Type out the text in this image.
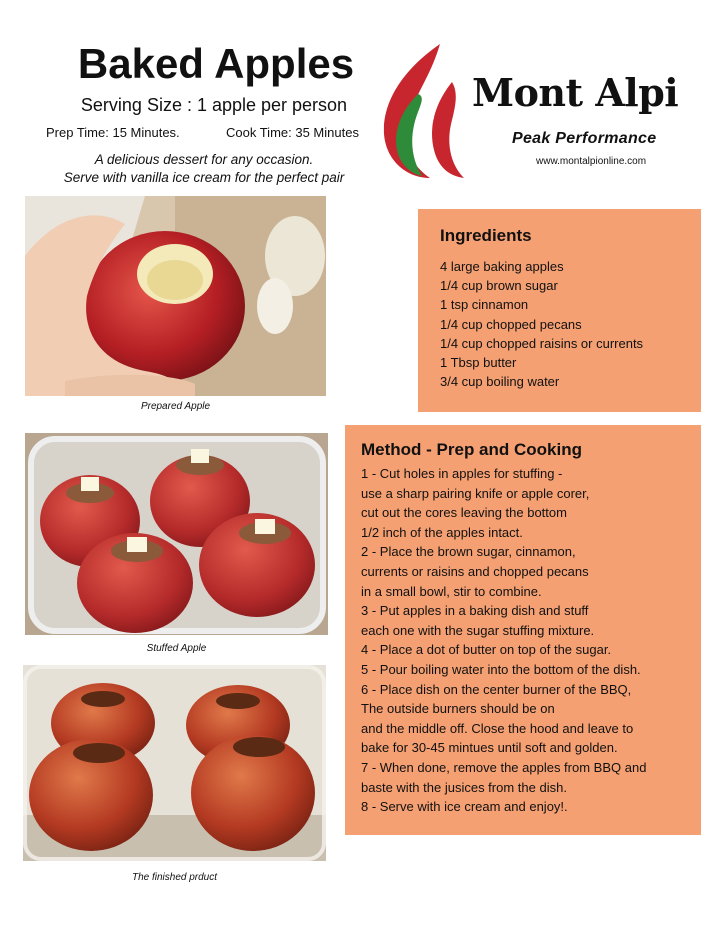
Baked Apples
Serving Size : 1 apple per person
Prep Time: 15 Minutes.	Cook Time: 35 Minutes
A delicious dessert for any occasion.
Serve with vanilla ice cream for the perfect pair
Mont Alpi
Peak Performance
www.montalpionline.com
Prepared Apple
Stuffed Apple
The finished prduct
Ingredients
4 large baking apples
1/4 cup brown sugar
1 tsp cinnamon
1/4 cup chopped pecans
1/4 cup chopped raisins or currents
1 Tbsp butter
3/4 cup boiling water
Method - Prep and Cooking
1 - Cut holes in apples for stuffing -
use a sharp pairing knife or apple corer,
cut out the cores leaving the bottom
1/2 inch of the apples intact.
2 - Place the brown sugar, cinnamon,
currents or raisins and chopped pecans
in a small bowl, stir to combine.
3 - Put apples in a baking dish and stuff
each one with the sugar stuffing mixture.
4 - Place a dot of butter on top of the sugar.
5 - Pour boiling water into the bottom of the dish.
6 - Place dish on the center burner of the BBQ,
The outside burners should be on
and the middle off. Close the hood and leave to
bake for 30-45 mintues until soft and golden.
7 - When done, remove the apples from BBQ and
baste with the jusices from the dish.
8 - Serve with ice cream and enjoy!.
